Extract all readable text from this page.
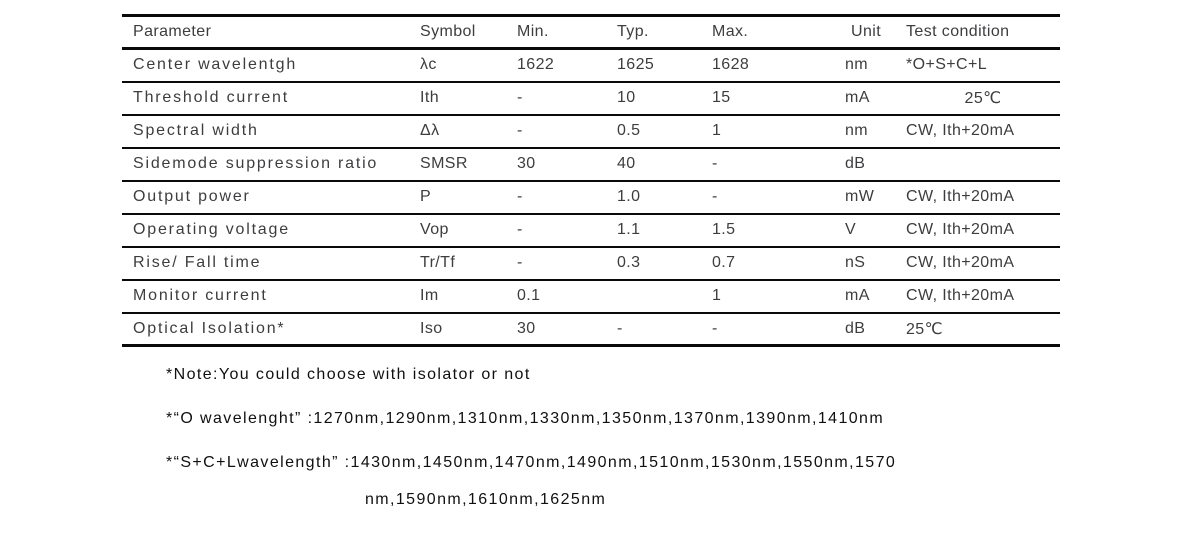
Parameter	Symbol	Min.	Typ.	Max.	Unit	Test condition
Center wavelentgh	λc	1622	1625	1628	nm	*O+S+C+L
Threshold current	Ith	-	10	15	mA	25℃
Spectral width	Δλ	-	0.5	1	nm	CW, Ith+20mA
Sidemode suppression ratio	SMSR	30	40	-	dB	
Output power	P	-	1.0	-	mW	CW, Ith+20mA
Operating voltage	Vop	-	1.1	1.5	V	CW, Ith+20mA
Rise/ Fall time	Tr/Tf	-	0.3	0.7	nS	CW, Ith+20mA
Monitor current	Im	0.1		1	mA	CW, Ith+20mA
Optical Isolation*	Iso	30	-	-	dB	25℃
*Note:You could choose with isolator or not
*“O wavelenght” :1270nm,1290nm,1310nm,1330nm,1350nm,1370nm,1390nm,1410nm
*“S+C+Lwavelength” :1430nm,1450nm,1470nm,1490nm,1510nm,1530nm,1550nm,1570
nm,1590nm,1610nm,1625nm
